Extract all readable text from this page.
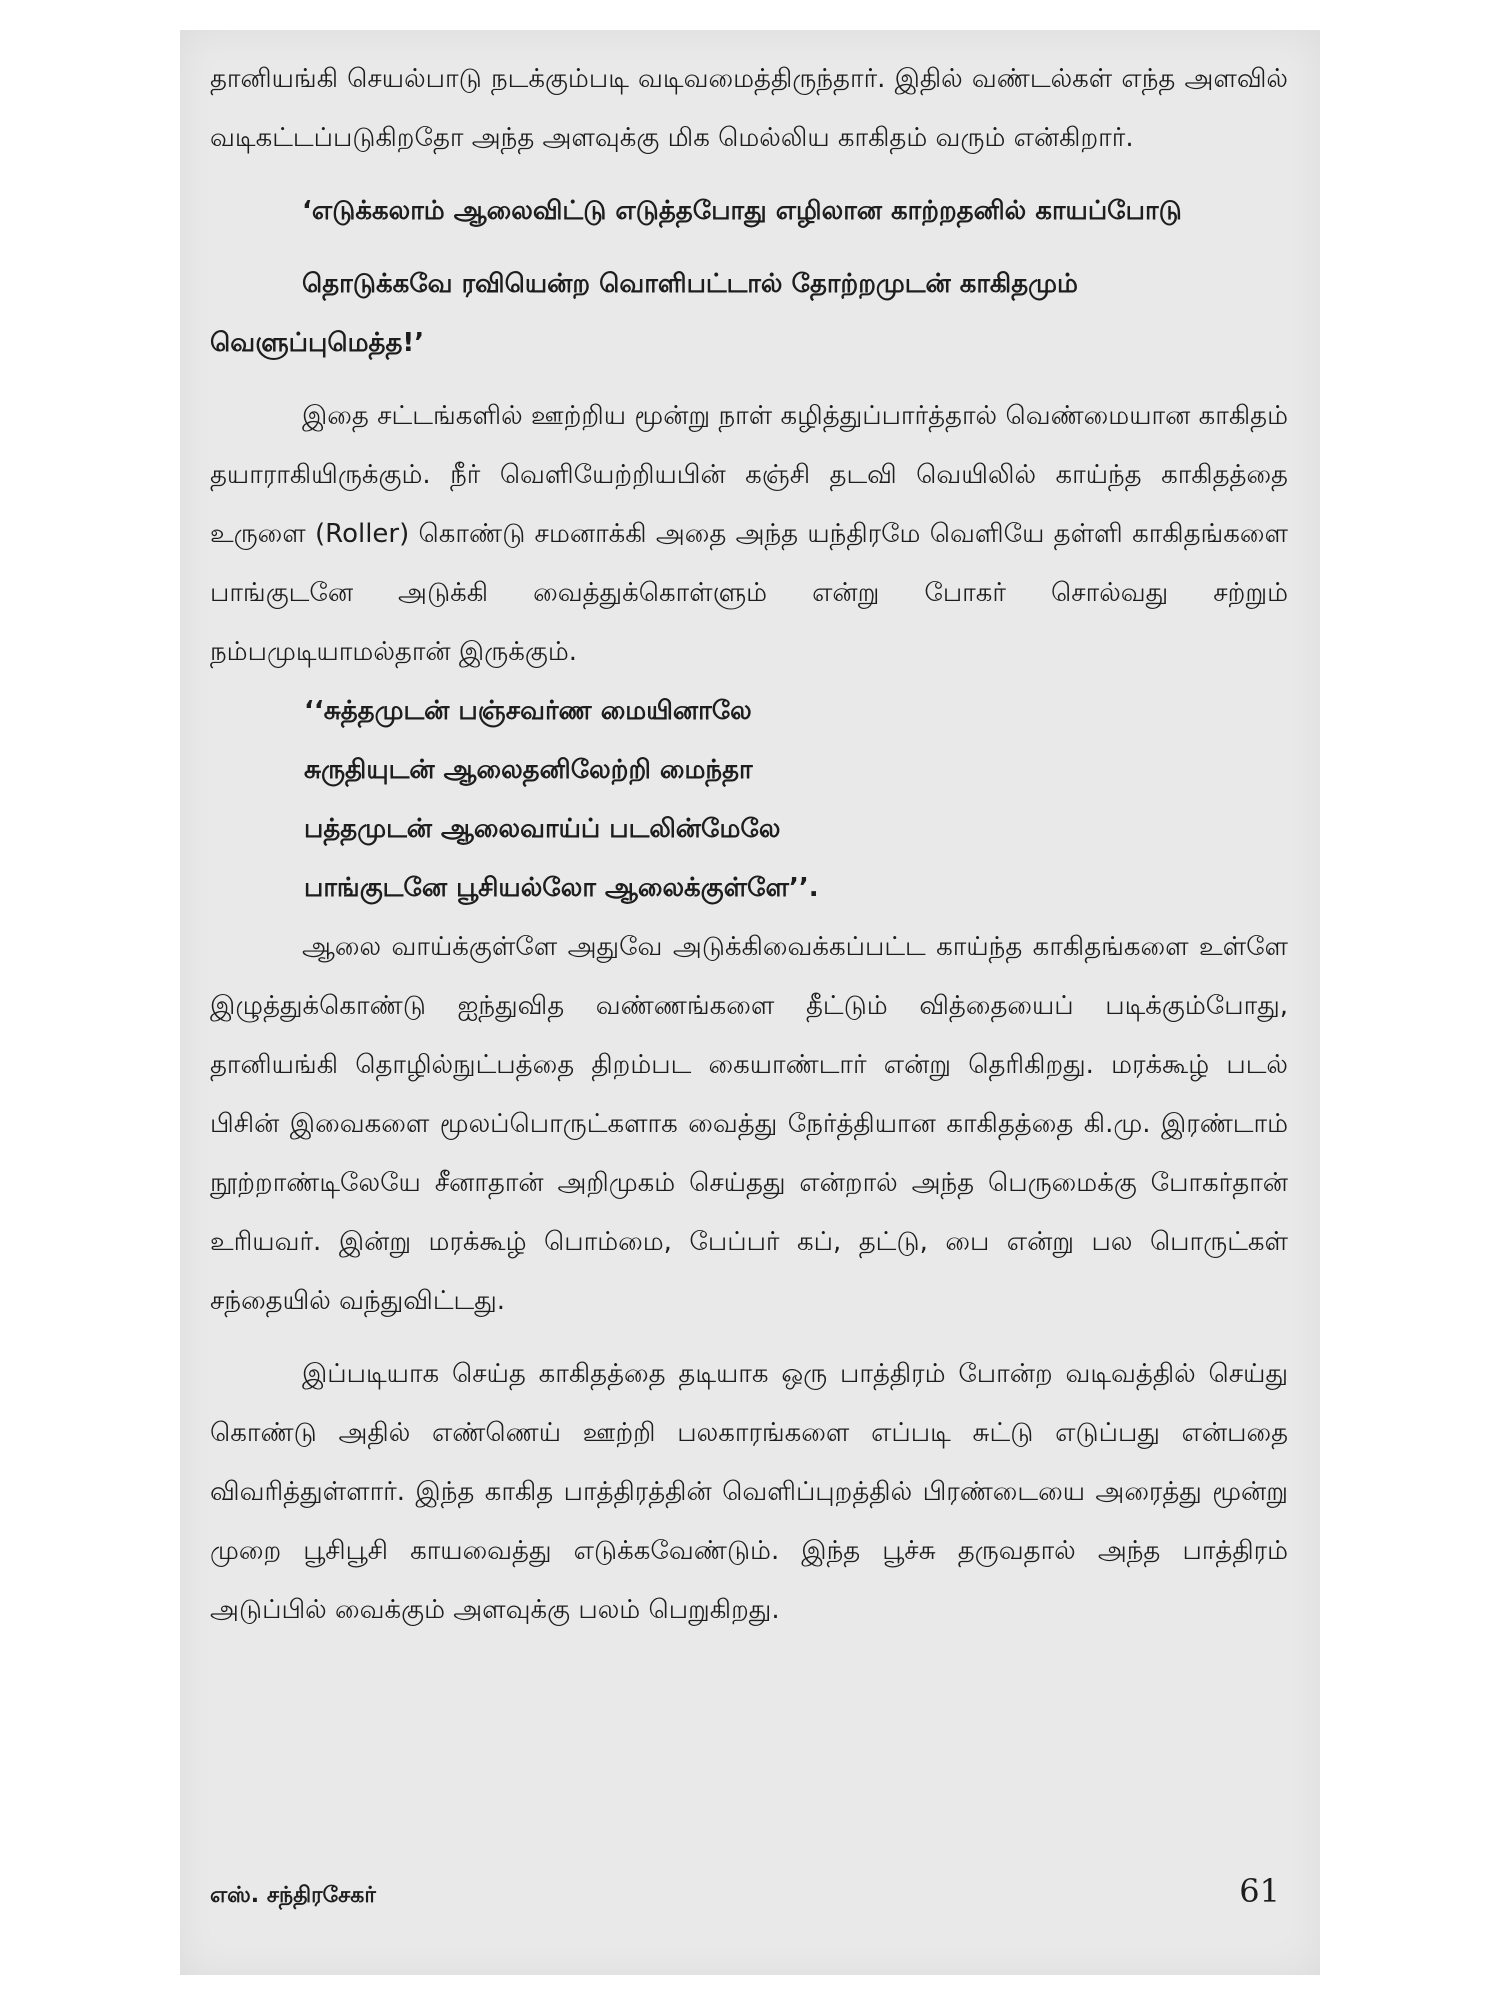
தானியங்கி செயல்பாடு நடக்கும்படி வடிவமைத்திருந்தார். இதில் வண்டல்கள் எந்த அளவில் வடிகட்டப்படுகிறதோ அந்த அளவுக்கு மிக மெல்லிய காகிதம் வரும் என்கிறார்.

‘எடுக்கலாம் ஆலைவிட்டு எடுத்தபோது எழிலான காற்றதனில் காயப்போடு
தொடுக்கவே ரவியென்ற வொளிபட்டால் தோற்றமுடன் காகிதமும் வெளுப்புமெத்த!’

இதை சட்டங்களில் ஊற்றிய மூன்று நாள் கழித்துப்பார்த்தால் வெண்மையான காகிதம் தயாராகியிருக்கும். நீர் வெளியேற்றியபின் கஞ்சி தடவி வெயிலில் காய்ந்த காகிதத்தை உருளை (Roller) கொண்டு சமனாக்கி அதை அந்த யந்திரமே வெளியே தள்ளி காகிதங்களை பாங்குடனே அடுக்கி வைத்துக்கொள்ளும் என்று போகர் சொல்வது சற்றும் நம்பமுடியாமல்தான் இருக்கும்.

‘‘சுத்தமுடன் பஞ்சவர்ண மையினாலே
சுருதியுடன் ஆலைதனிலேற்றி மைந்தா
பத்தமுடன் ஆலைவாய்ப் படலின்மேலே
பாங்குடனே பூசியல்லோ ஆலைக்குள்ளே’’.

ஆலை வாய்க்குள்ளே அதுவே அடுக்கிவைக்கப்பட்ட காய்ந்த காகிதங்களை உள்ளே இழுத்துக்கொண்டு ஐந்துவித வண்ணங்களை தீட்டும் வித்தையைப் படிக்கும்போது, தானியங்கி தொழில்நுட்பத்தை திறம்பட கையாண்டார் என்று தெரிகிறது. மரக்கூழ் படல் பிசின் இவைகளை மூலப்பொருட்களாக வைத்து நேர்த்தியான காகிதத்தை கி.மு. இரண்டாம் நூற்றாண்டிலேயே சீனாதான் அறிமுகம் செய்தது என்றால் அந்த பெருமைக்கு போகர்தான் உரியவர். இன்று மரக்கூழ் பொம்மை, பேப்பர் கப், தட்டு, பை என்று பல பொருட்கள் சந்தையில் வந்துவிட்டது.

இப்படியாக செய்த காகிதத்தை தடியாக ஒரு பாத்திரம் போன்ற வடிவத்தில் செய்து கொண்டு அதில் எண்ணெய் ஊற்றி பலகாரங்களை எப்படி சுட்டு எடுப்பது என்பதை விவரித்துள்ளார். இந்த காகித பாத்திரத்தின் வெளிப்புறத்தில் பிரண்டையை அரைத்து மூன்று முறை பூசிபூசி காயவைத்து எடுக்கவேண்டும். இந்த பூச்சு தருவதால் அந்த பாத்திரம் அடுப்பில் வைக்கும் அளவுக்கு பலம் பெறுகிறது.

எஸ். சந்திரசேகர்	61
